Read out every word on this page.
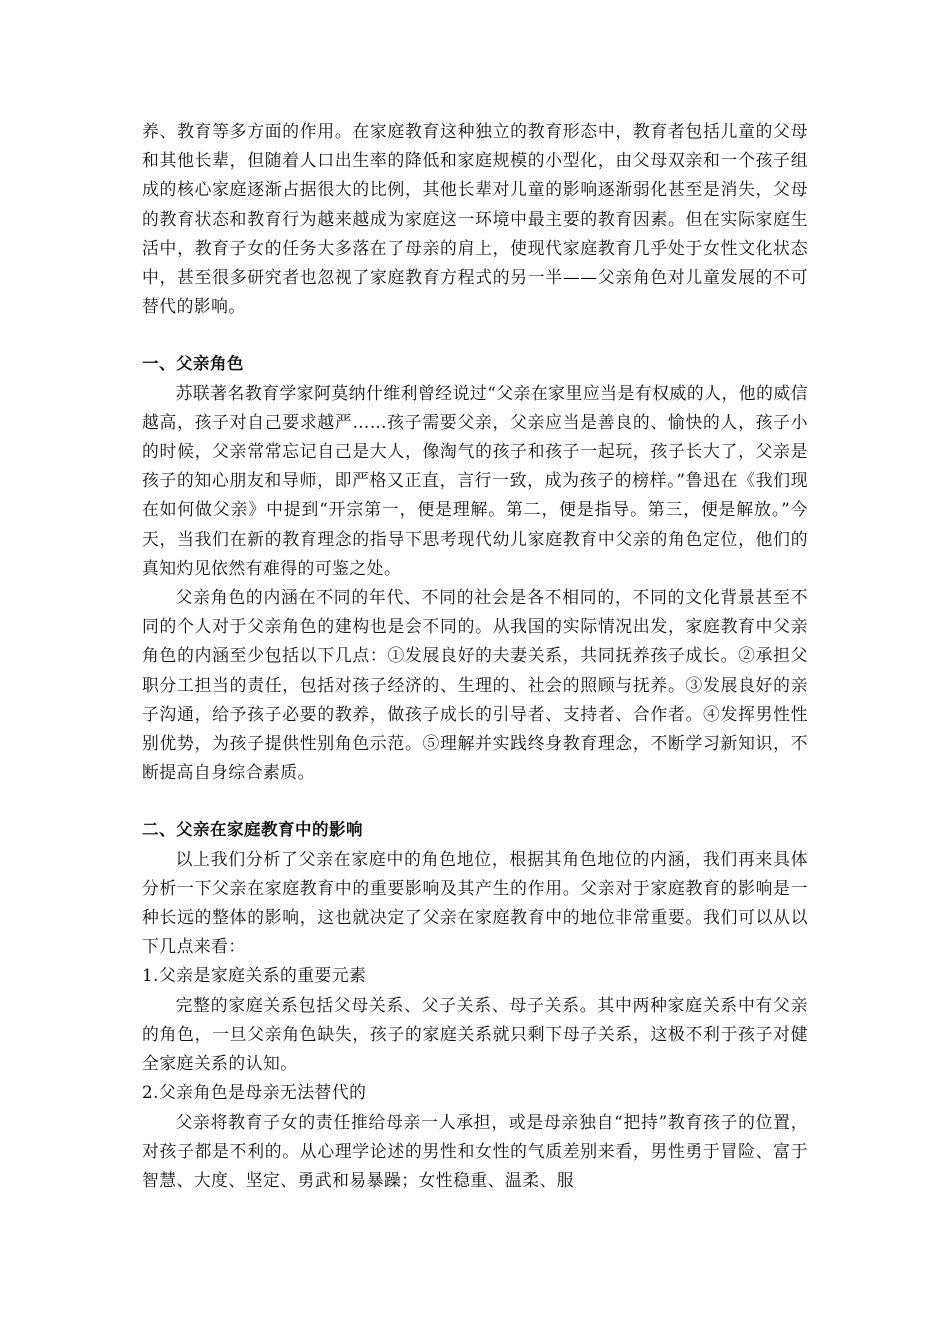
养、教育等多方面的作用。在家庭教育这种独立的教育形态中，教育者包括儿童的父母和其他长辈，但随着人口出生率的降低和家庭规模的小型化，由父母双亲和一个孩子组成的核心家庭逐渐占据很大的比例，其他长辈对儿童的影响逐渐弱化甚至是消失，父母的教育状态和教育行为越来越成为家庭这一环境中最主要的教育因素。但在实际家庭生活中，教育子女的任务大多落在了母亲的肩上，使现代家庭教育几乎处于女性文化状态中，甚至很多研究者也忽视了家庭教育方程式的另一半——父亲角色对儿童发展的不可替代的影响。

一、父亲角色

苏联著名教育学家阿莫纳什维利曾经说过“父亲在家里应当是有权威的人，他的威信越高，孩子对自己要求越严……孩子需要父亲，父亲应当是善良的、愉快的人，孩子小的时候，父亲常常忘记自己是大人，像淘气的孩子和孩子一起玩，孩子长大了，父亲是孩子的知心朋友和导师，即严格又正直，言行一致，成为孩子的榜样。”鲁迅在《我们现在如何做父亲》中提到“开宗第一，便是理解。第二，便是指导。第三，便是解放。”今天，当我们在新的教育理念的指导下思考现代幼儿家庭教育中父亲的角色定位，他们的真知灼见依然有难得的可鉴之处。

父亲角色的内涵在不同的年代、不同的社会是各不相同的，不同的文化背景甚至不同的个人对于父亲角色的建构也是会不同的。从我国的实际情况出发，家庭教育中父亲角色的内涵至少包括以下几点：①发展良好的夫妻关系，共同抚养孩子成长。②承担父职分工担当的责任，包括对孩子经济的、生理的、社会的照顾与抚养。③发展良好的亲子沟通，给予孩子必要的教养，做孩子成长的引导者、支持者、合作者。④发挥男性性别优势，为孩子提供性别角色示范。⑤理解并实践终身教育理念，不断学习新知识，不断提高自身综合素质。

二、父亲在家庭教育中的影响

以上我们分析了父亲在家庭中的角色地位，根据其角色地位的内涵，我们再来具体分析一下父亲在家庭教育中的重要影响及其产生的作用。父亲对于家庭教育的影响是一种长远的整体的影响，这也就决定了父亲在家庭教育中的地位非常重要。我们可以从以下几点来看：

1.父亲是家庭关系的重要元素

完整的家庭关系包括父母关系、父子关系、母子关系。其中两种家庭关系中有父亲的角色，一旦父亲角色缺失，孩子的家庭关系就只剩下母子关系，这极不利于孩子对健全家庭关系的认知。

2.父亲角色是母亲无法替代的

父亲将教育子女的责任推给母亲一人承担，或是母亲独自“把持”教育孩子的位置，对孩子都是不利的。从心理学论述的男性和女性的气质差别来看，男性勇于冒险、富于智慧、大度、坚定、勇武和易暴躁；女性稳重、温柔、服
